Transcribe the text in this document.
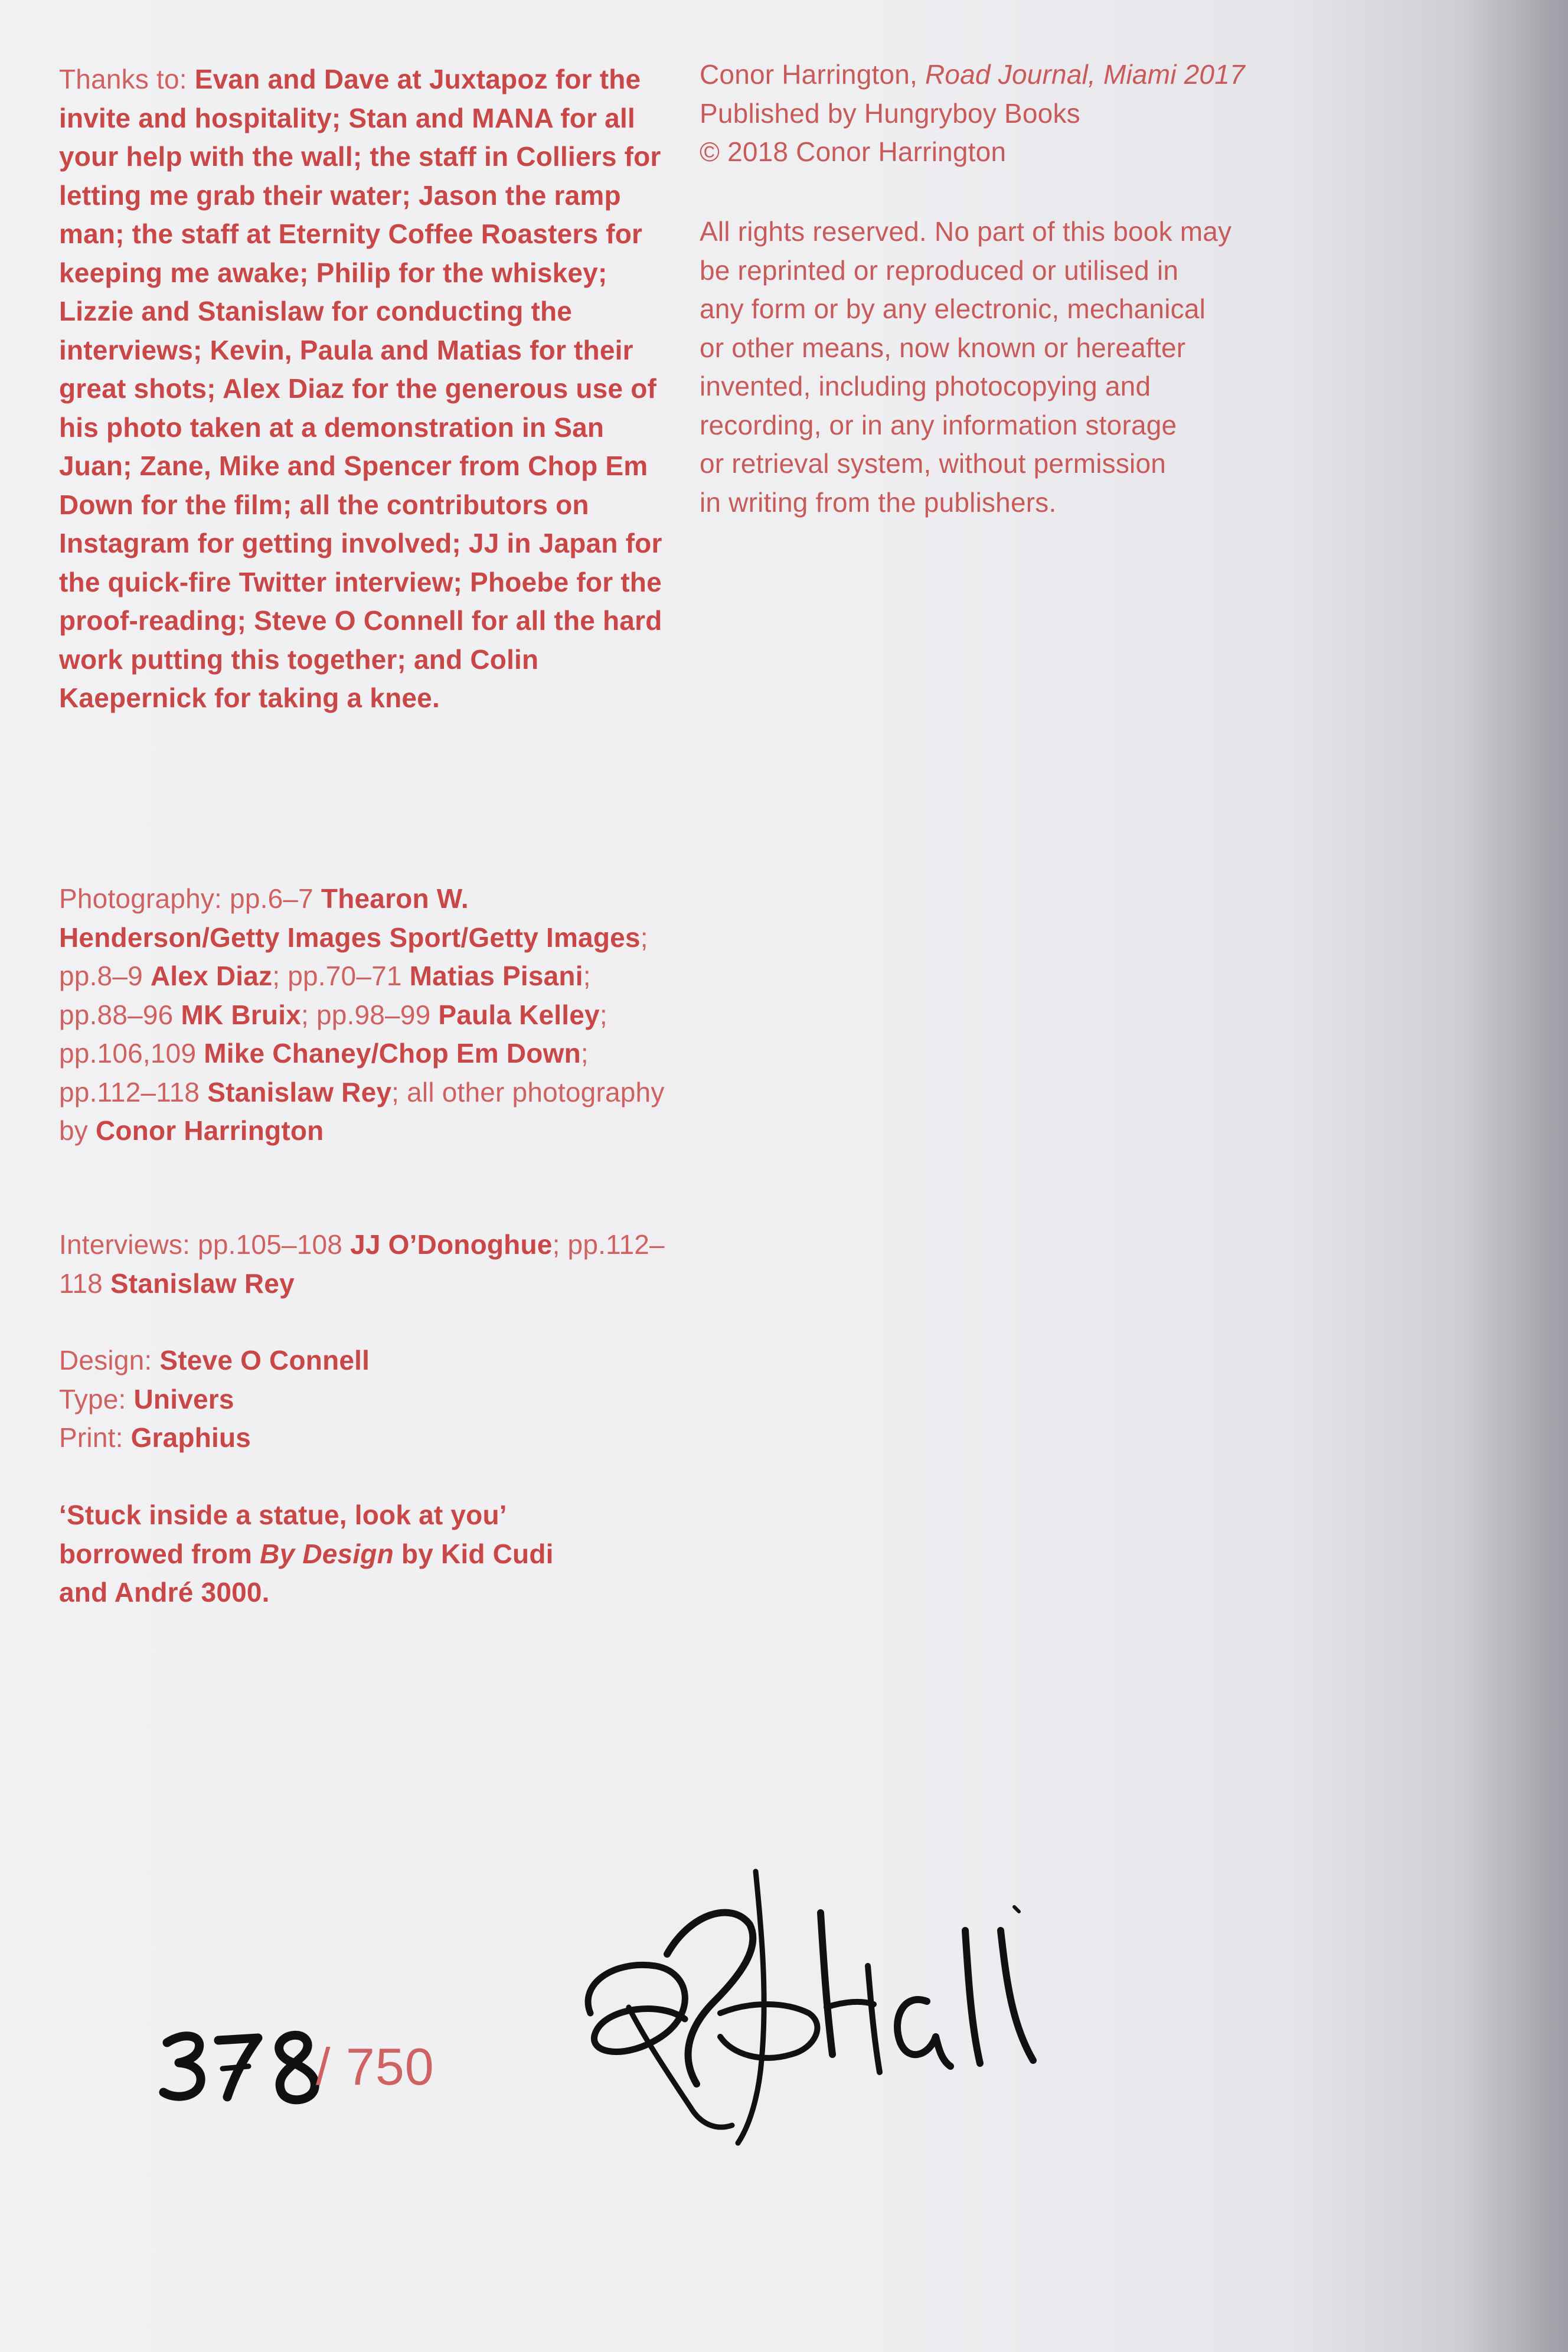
Thanks to: Evan and Dave at Juxtapoz for the invite and hospitality; Stan and MANA for all your help with the wall; the staff in Colliers for letting me grab their water; Jason the ramp man; the staff at Eternity Coffee Roasters for keeping me awake; Philip for the whiskey; Lizzie and Stanislaw for conducting the interviews; Kevin, Paula and Matias for their great shots; Alex Diaz for the generous use of his photo taken at a demonstration in San Juan; Zane, Mike and Spencer from Chop Em Down for the film; all the contributors on Instagram for getting involved; JJ in Japan for the quick-fire Twitter interview; Phoebe for the proof-reading; Steve O Connell for all the hard work putting this together; and Colin Kaepernick for taking a knee.
Photography: pp.6–7 Thearon W. Henderson/Getty Images Sport/Getty Images; pp.8–9 Alex Diaz; pp.70–71 Matias Pisani; pp.88–96 MK Bruix; pp.98–99 Paula Kelley; pp.106,109 Mike Chaney/Chop Em Down; pp.112–118 Stanislaw Rey; all other photography by Conor Harrington
Interviews: pp.105–108 JJ O’Donoghue; pp.112–118 Stanislaw Rey
Design: Steve O Connell
Type: Univers
Print: Graphius
‘Stuck inside a statue, look at you’
borrowed from By Design by Kid Cudi
and André 3000.
Conor Harrington, Road Journal, Miami 2017
Published by Hungryboy Books
© 2018 Conor Harrington
All rights reserved. No part of this book may
be reprinted or reproduced or utilised in
any form or by any electronic, mechanical
or other means, now known or hereafter
invented, including photocopying and
recording, or in any information storage
or retrieval system, without permission
in writing from the publishers.
/ 750
